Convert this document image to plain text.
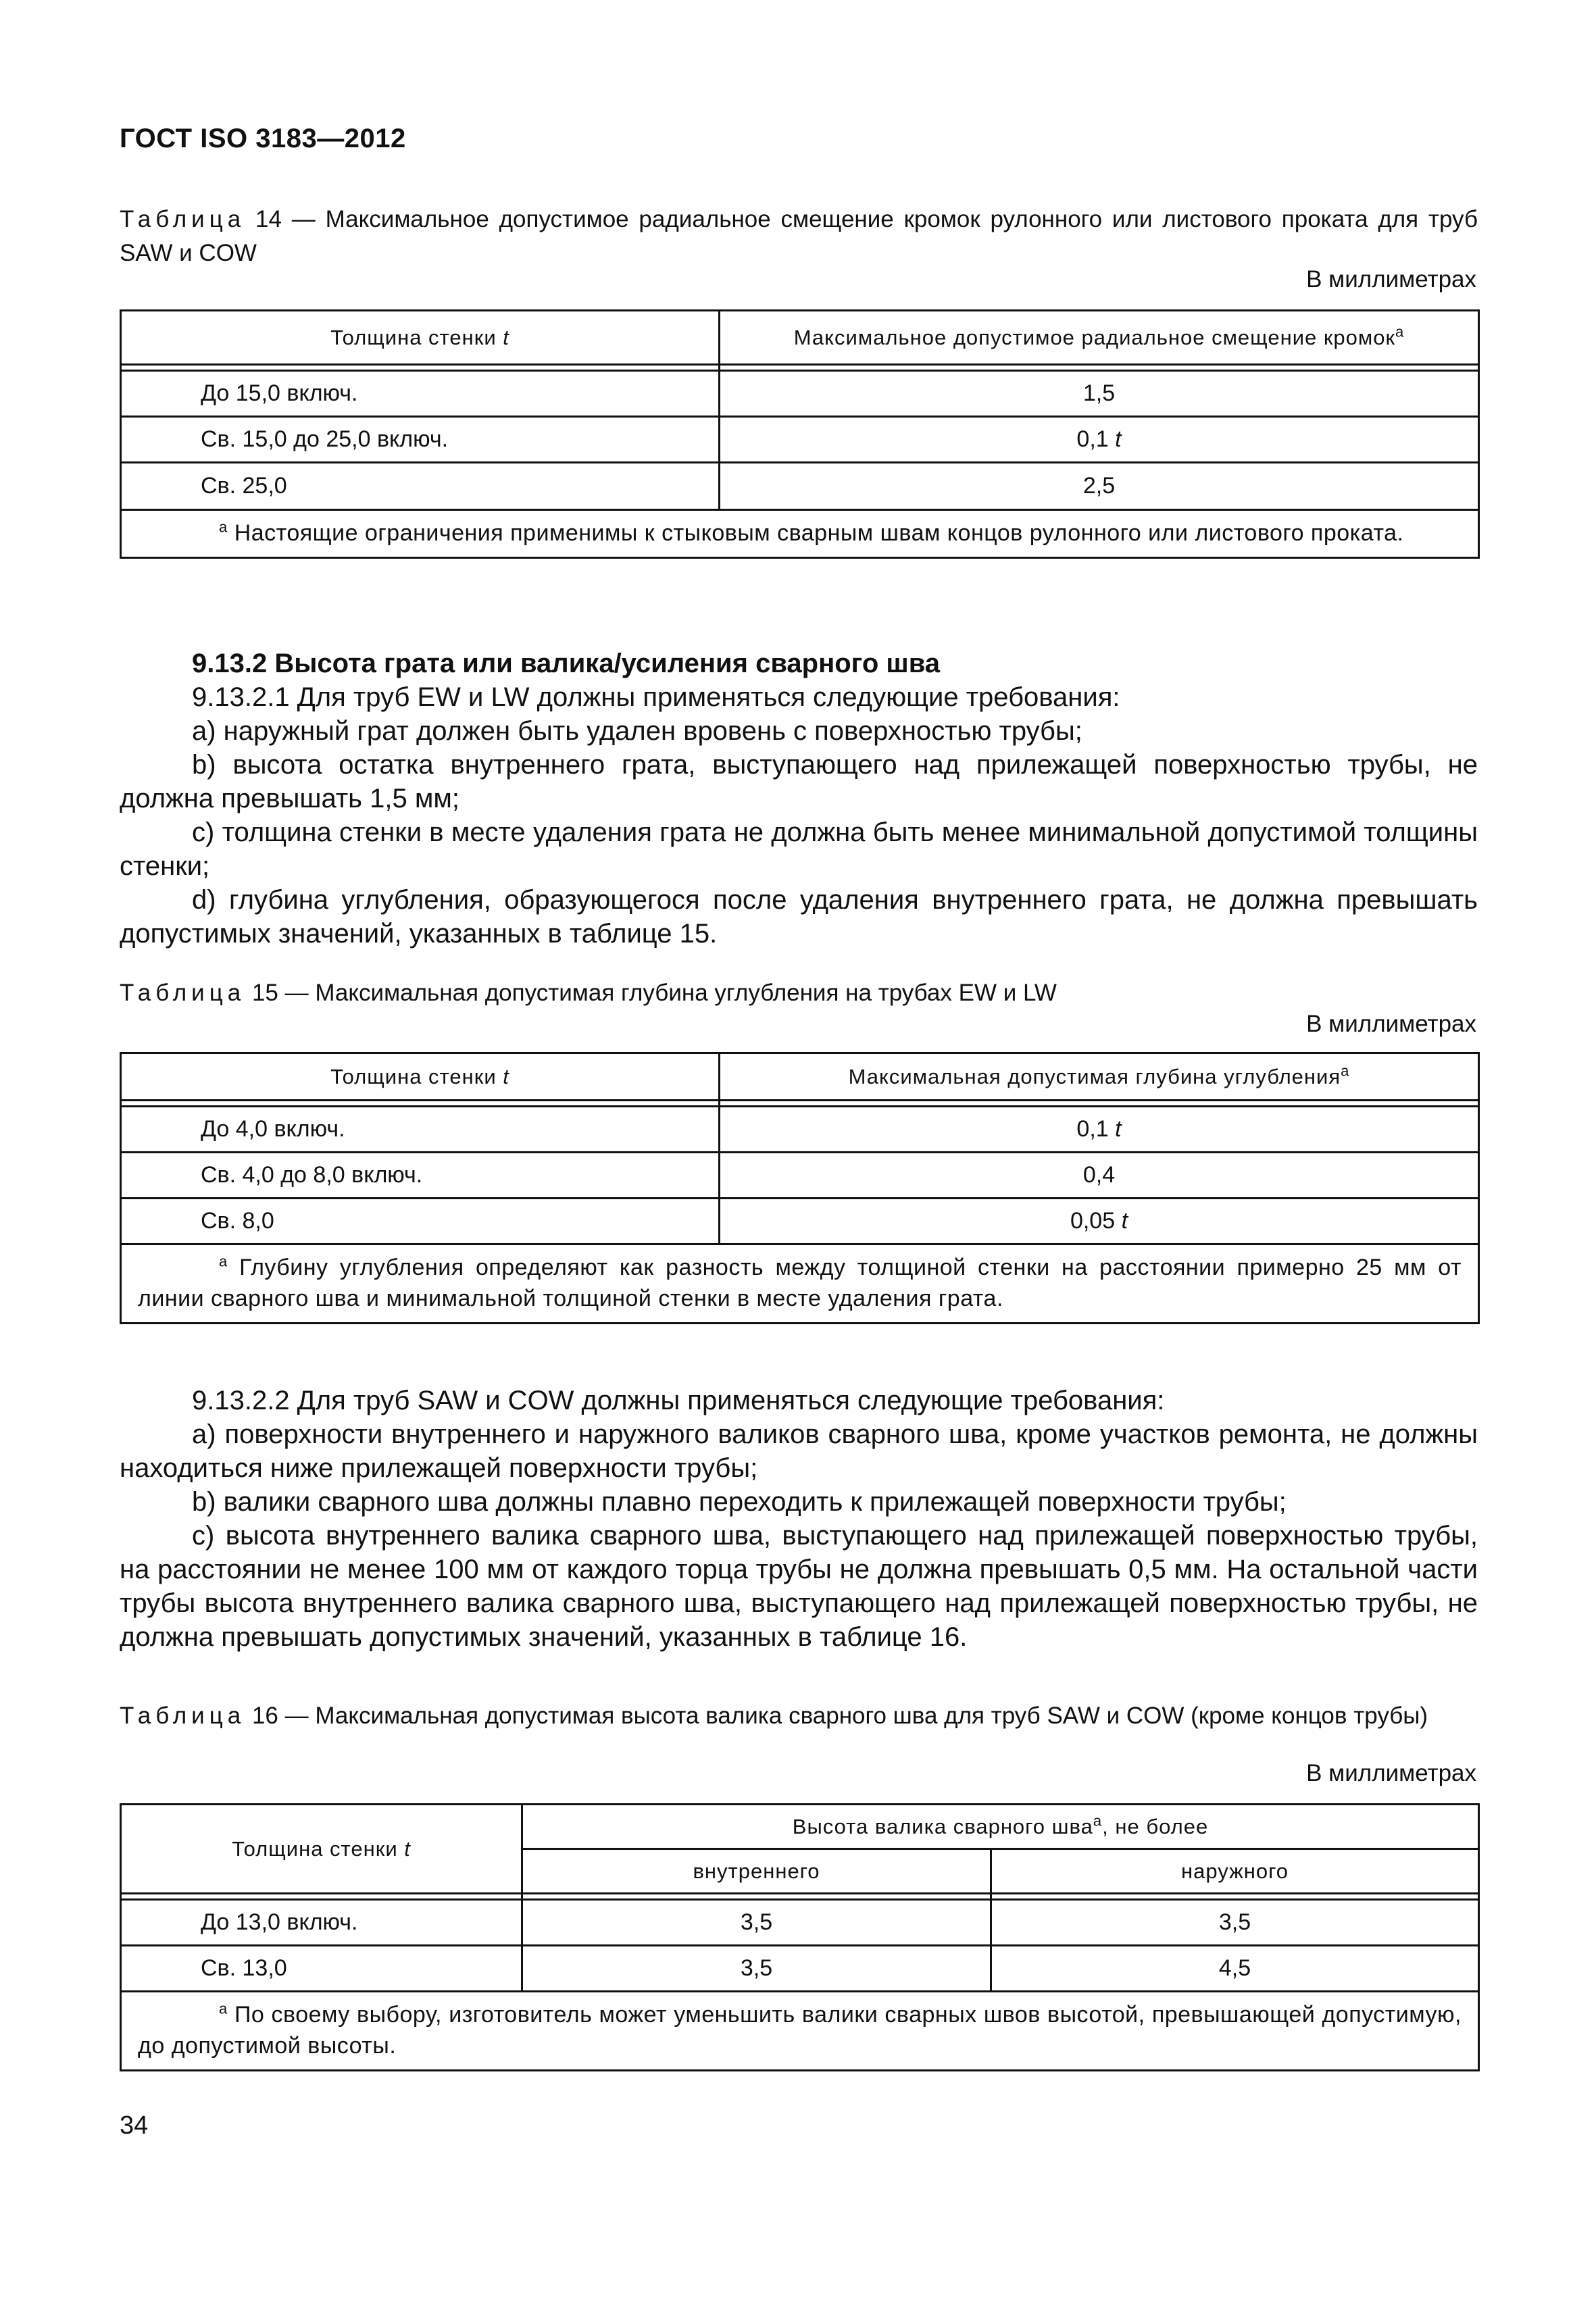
ГОСТ ISO 3183—2012
Таблица 14 — Максимальное допустимое радиальное смещение кромок рулонного или листового проката для труб SAW и COW
В миллиметрах
Толщина стенки t	Максимальное допустимое радиальное смещение кромок$^a$

До 15,0 включ.	1,5
Св. 15,0 до 25,0 включ.	0,1 t
Св. 25,0	2,5
$^a$ Настоящие ограничения применимы к стыковым сварным швам концов рулонного или листового проката.	

9.13.2 Высота грата или валика/усиления сварного шва

9.13.2.1 Для труб EW и LW должны применяться следующие требования:

a) наружный грат должен быть удален вровень с поверхностью трубы;

b) высота остатка внутреннего грата, выступающего над прилежащей поверхностью трубы, не должна превышать 1,5 мм;

c) толщина стенки в месте удаления грата не должна быть менее минимальной допустимой толщины стенки;

d) глубина углубления, образующегося после удаления внутреннего грата, не должна превышать допустимых значений, указанных в таблице 15.

Таблица 15 — Максимальная допустимая глубина углубления на трубах EW и LW
В миллиметрах
Толщина стенки t	Максимальная допустимая глубина углубления$^a$

До 4,0 включ.	0,1 t
Св. 4,0 до 8,0 включ.	0,4
Св. 8,0	0,05 t
$^a$ Глубину углубления определяют как разность между толщиной стенки на расстоянии примерно 25 мм от линии сварного шва и минимальной толщиной стенки в месте удаления грата.	

9.13.2.2 Для труб SAW и COW должны применяться следующие требования:

a) поверхности внутреннего и наружного валиков сварного шва, кроме участков ремонта, не должны находиться ниже прилежащей поверхности трубы;

b) валики сварного шва должны плавно переходить к прилежащей поверхности трубы;

c) высота внутреннего валика сварного шва, выступающего над прилежащей поверхностью трубы, на расстоянии не менее 100 мм от каждого торца трубы не должна превышать 0,5 мм. На остальной части трубы высота внутреннего валика сварного шва, выступающего над прилежащей поверхностью трубы, не должна превышать допустимых значений, указанных в таблице 16.

Таблица 16 — Максимальная допустимая высота валика сварного шва для труб SAW и COW (кроме концов трубы)
В миллиметрах
Толщина стенки t	Высота валика сварного шва$^a$, не более	
	внутреннего	наружного

До 13,0 включ.	3,5	3,5
Св. 13,0	3,5	4,5
$^a$ По своему выбору, изготовитель может уменьшить валики сварных швов высотой, превышающей допустимую, до допустимой высоты.		
34
